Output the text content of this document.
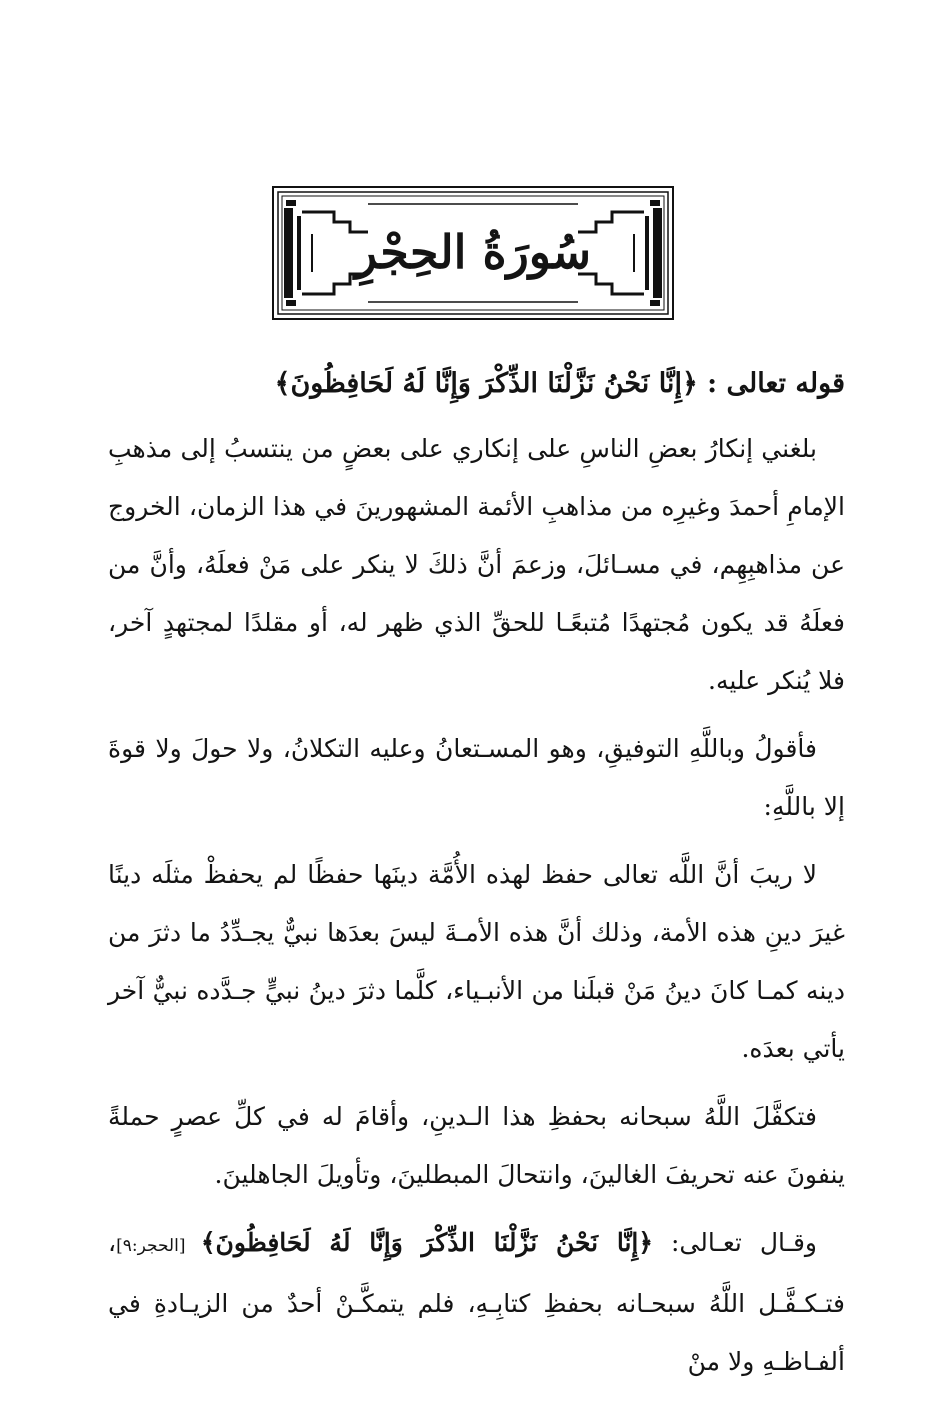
سُورَةُ الحِجْرِ
قوله تعالى : ﴿إِنَّا نَحْنُ نَزَّلْنَا الذِّكْرَ وَإِنَّا لَهُ لَحَافِظُونَ﴾

بلغني إنكارُ بعضِ الناسِ على إنكاري على بعضٍ من ينتسبُ إلى مذهبِ الإمامِ أحمدَ وغيرِه من مذاهبِ الأئمة المشهورينَ في هذا الزمان، الخروج عن مذاهبِهِم، في مسـائلَ، وزعمَ أنَّ ذلكَ لا ينكر على مَنْ فعلَهُ، وأنَّ من فعلَهُ قد يكون مُجتهدًا مُتبعًـا للحقِّ الذي ظهر له، أو مقلدًا لمجتهدٍ آخر، فلا يُنكر عليه.

فأقولُ وباللَّهِ التوفيقِ، وهو المسـتعانُ وعليه التكلانُ، ولا حولَ ولا قوةَ إلا باللَّهِ:

لا ريبَ أنَّ اللَّه تعالى حفظ لهذه الأُمَّة دينَها حفظًا لم يحفظْ مثلَه دينًا غيرَ دينِ هذه الأمة، وذلك أنَّ هذه الأمـةَ ليسَ بعدَها نبيٌّ يجـدِّدُ ما دثرَ من دينه كمـا كانَ دينُ مَنْ قبلَنا من الأنبـياء، كلَّما دثرَ دينُ نبيٍّ جـدَّده نبيٌّ آخر يأتي بعدَه.

فتكفَّلَ اللَّهُ سبحانه بحفظِ هذا الـدينِ، وأقامَ له في كلِّ عصرٍ حملةً ينفونَ عنه تحريفَ الغالينَ، وانتحالَ المبطلينَ، وتأويلَ الجاهلينَ.

وقـال تعـالى: ﴿إِنَّا نَحْنُ نَزَّلْنَا الذِّكْرَ وَإِنَّا لَهُ لَحَافِظُونَ﴾ [الحجر:٩]، فتـكـفَّـل اللَّهُ سبحـانه بحفظِ كتابِـهِ، فلم يتمكَّـنْ أحدٌ من الزيـادةِ في ألفـاظـهِ ولا منْ
